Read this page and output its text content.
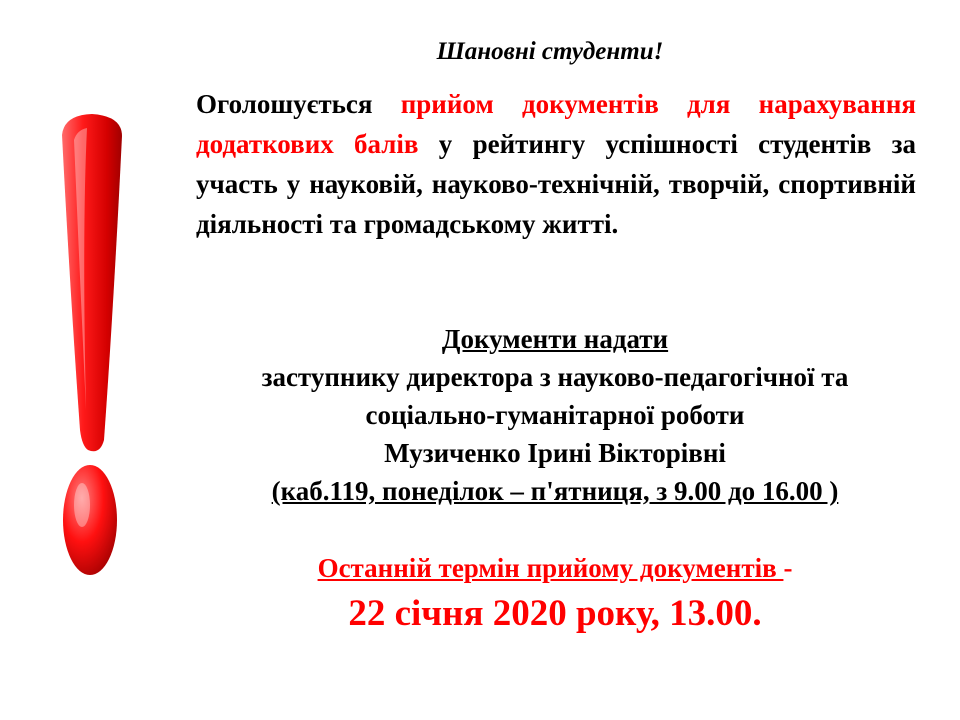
Шановні студенти!
Оголошується прийом документів для нарахування додаткових балів у рейтингу успішності студентів за участь у науковій, науково-технічній, творчій, спортивній діяльності та громадському житті.
Документи надати
заступнику директора з науково-педагогічної та
соціально-гуманітарної роботи
Музиченко Ірині Вікторівні
(каб.119, понеділок – п'ятниця, з 9.00 до 16.00 )
Останній термін прийому документів -
22 січня 2020 року, 13.00.
